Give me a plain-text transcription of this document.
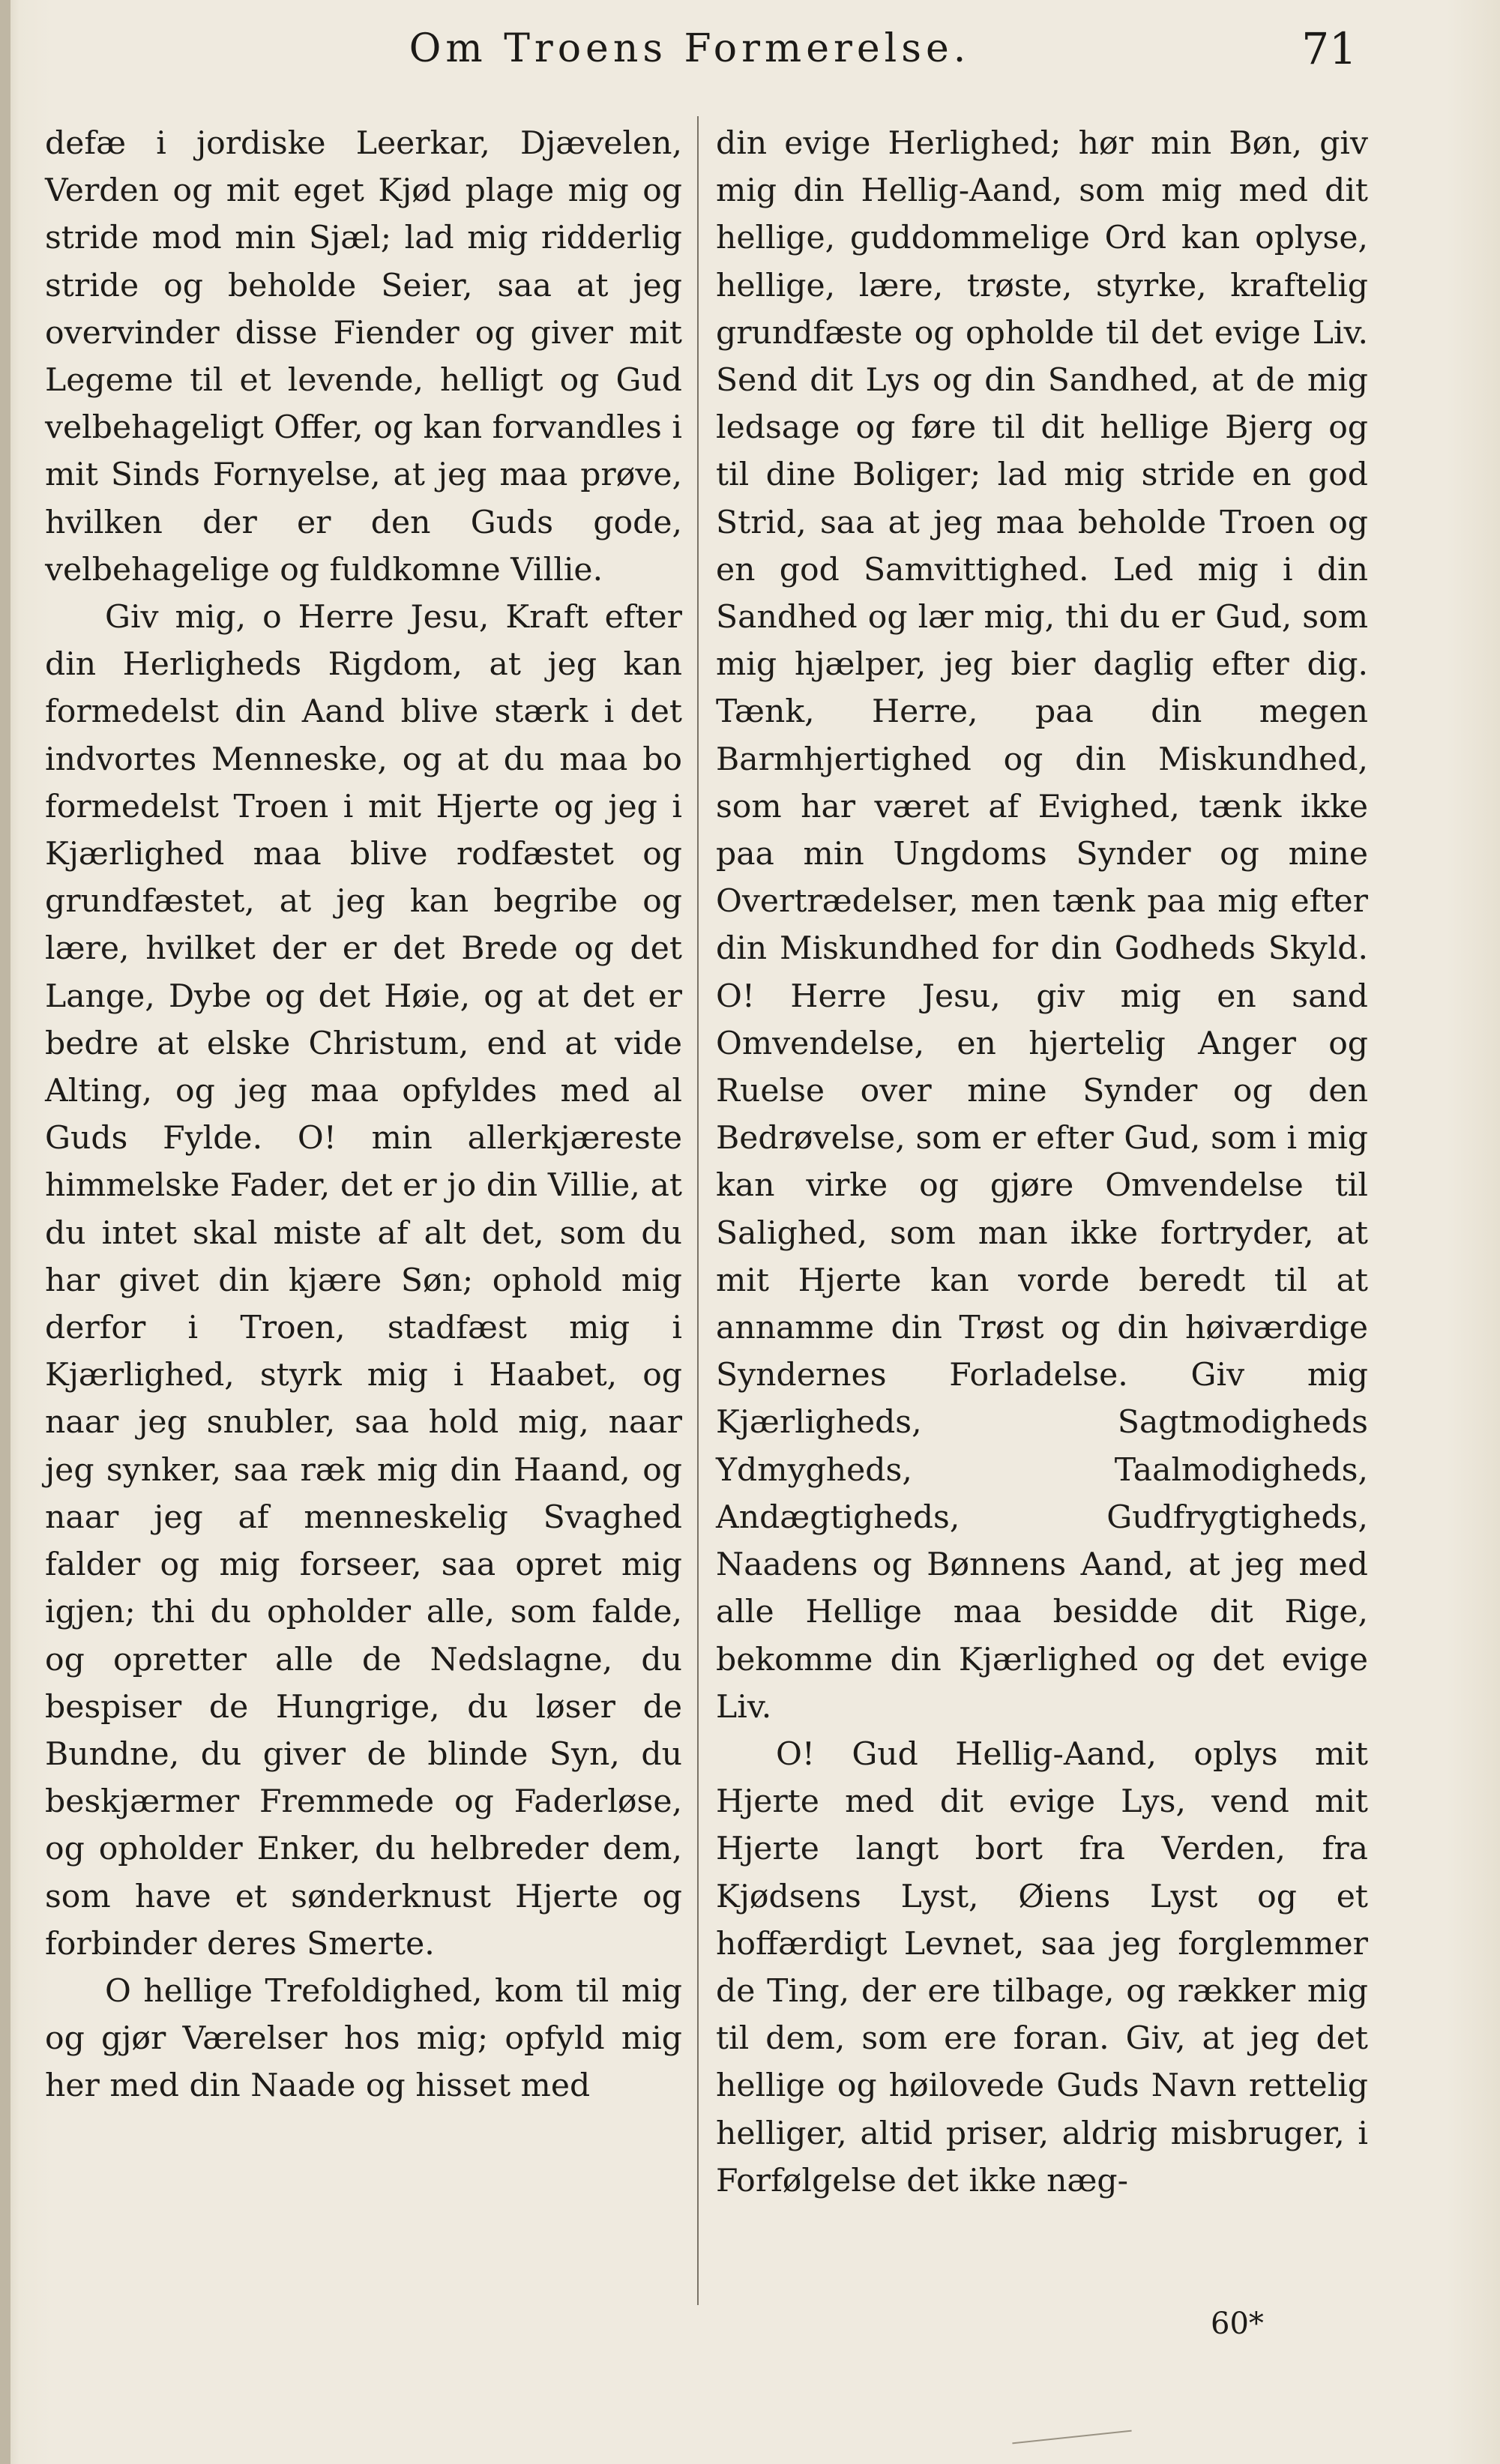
Om Troens Formerelse.	71

defæ i jordiske Leerkar, Djævelen, Verden og mit eget Kjød plage mig og stride mod min Sjæl; lad mig ridderlig stride og beholde Seier, saa at jeg overvinder disse Fiender og giver mit Legeme til et levende, helligt og Gud velbehageligt Offer, og kan forvandles i mit Sinds Fornyelse, at jeg maa prøve, hvilken der er den Guds gode, velbehagelige og fuldkomne Villie.

Giv mig, o Herre Jesu, Kraft efter din Herligheds Rigdom, at jeg kan formedelst din Aand blive stærk i det indvortes Menneske, og at du maa bo formedelst Troen i mit Hjerte og jeg i Kjærlighed maa blive rodfæstet og grundfæstet, at jeg kan begribe og lære, hvilket der er det Brede og det Lange, Dybe og det Høie, og at det er bedre at elske Christum, end at vide Alting, og jeg maa opfyldes med al Guds Fylde. O! min allerkjæreste himmelske Fader, det er jo din Villie, at du intet skal miste af alt det, som du har givet din kjære Søn; ophold mig derfor i Troen, stadfæst mig i Kjærlighed, styrk mig i Haabet, og naar jeg snubler, saa hold mig, naar jeg synker, saa ræk mig din Haand, og naar jeg af menneskelig Svaghed falder og mig forseer, saa opret mig igjen; thi du opholder alle, som falde, og opretter alle de Nedslagne, du bespiser de Hungrige, du løser de Bundne, du giver de blinde Syn, du beskjærmer Fremmede og Faderløse, og opholder Enker, du helbreder dem, som have et sønderknust Hjerte og forbinder deres Smerte.

O hellige Trefoldighed, kom til mig og gjør Værelser hos mig; opfyld mig her med din Naade og hisset med

din evige Herlighed; hør min Bøn, giv mig din Hellig-Aand, som mig med dit hellige, guddommelige Ord kan oplyse, hellige, lære, trøste, styrke, kraftelig grundfæste og opholde til det evige Liv. Send dit Lys og din Sandhed, at de mig ledsage og føre til dit hellige Bjerg og til dine Boliger; lad mig stride en god Strid, saa at jeg maa beholde Troen og en god Samvittighed. Led mig i din Sandhed og lær mig, thi du er Gud, som mig hjælper, jeg bier daglig efter dig. Tænk, Herre, paa din megen Barmhjertighed og din Miskundhed, som har været af Evighed, tænk ikke paa min Ungdoms Synder og mine Overtrædelser, men tænk paa mig efter din Miskundhed for din Godheds Skyld. O! Herre Jesu, giv mig en sand Omvendelse, en hjertelig Anger og Ruelse over mine Synder og den Bedrøvelse, som er efter Gud, som i mig kan virke og gjøre Omvendelse til Salighed, som man ikke fortryder, at mit Hjerte kan vorde beredt til at annamme din Trøst og din høiværdige Syndernes Forladelse. Giv mig Kjærligheds, Sagtmodigheds Ydmygheds, Taalmodigheds, Andægtigheds, Gudfrygtigheds, Naadens og Bønnens Aand, at jeg med alle Hellige maa besidde dit Rige, bekomme din Kjærlighed og det evige Liv.

O! Gud Hellig-Aand, oplys mit Hjerte med dit evige Lys, vend mit Hjerte langt bort fra Verden, fra Kjødsens Lyst, Øiens Lyst og et hoffærdigt Levnet, saa jeg forglemmer de Ting, der ere tilbage, og rækker mig til dem, som ere foran. Giv, at jeg det hellige og høilovede Guds Navn rettelig helliger, altid priser, aldrig misbruger, i Forfølgelse det ikke næg-

60*
